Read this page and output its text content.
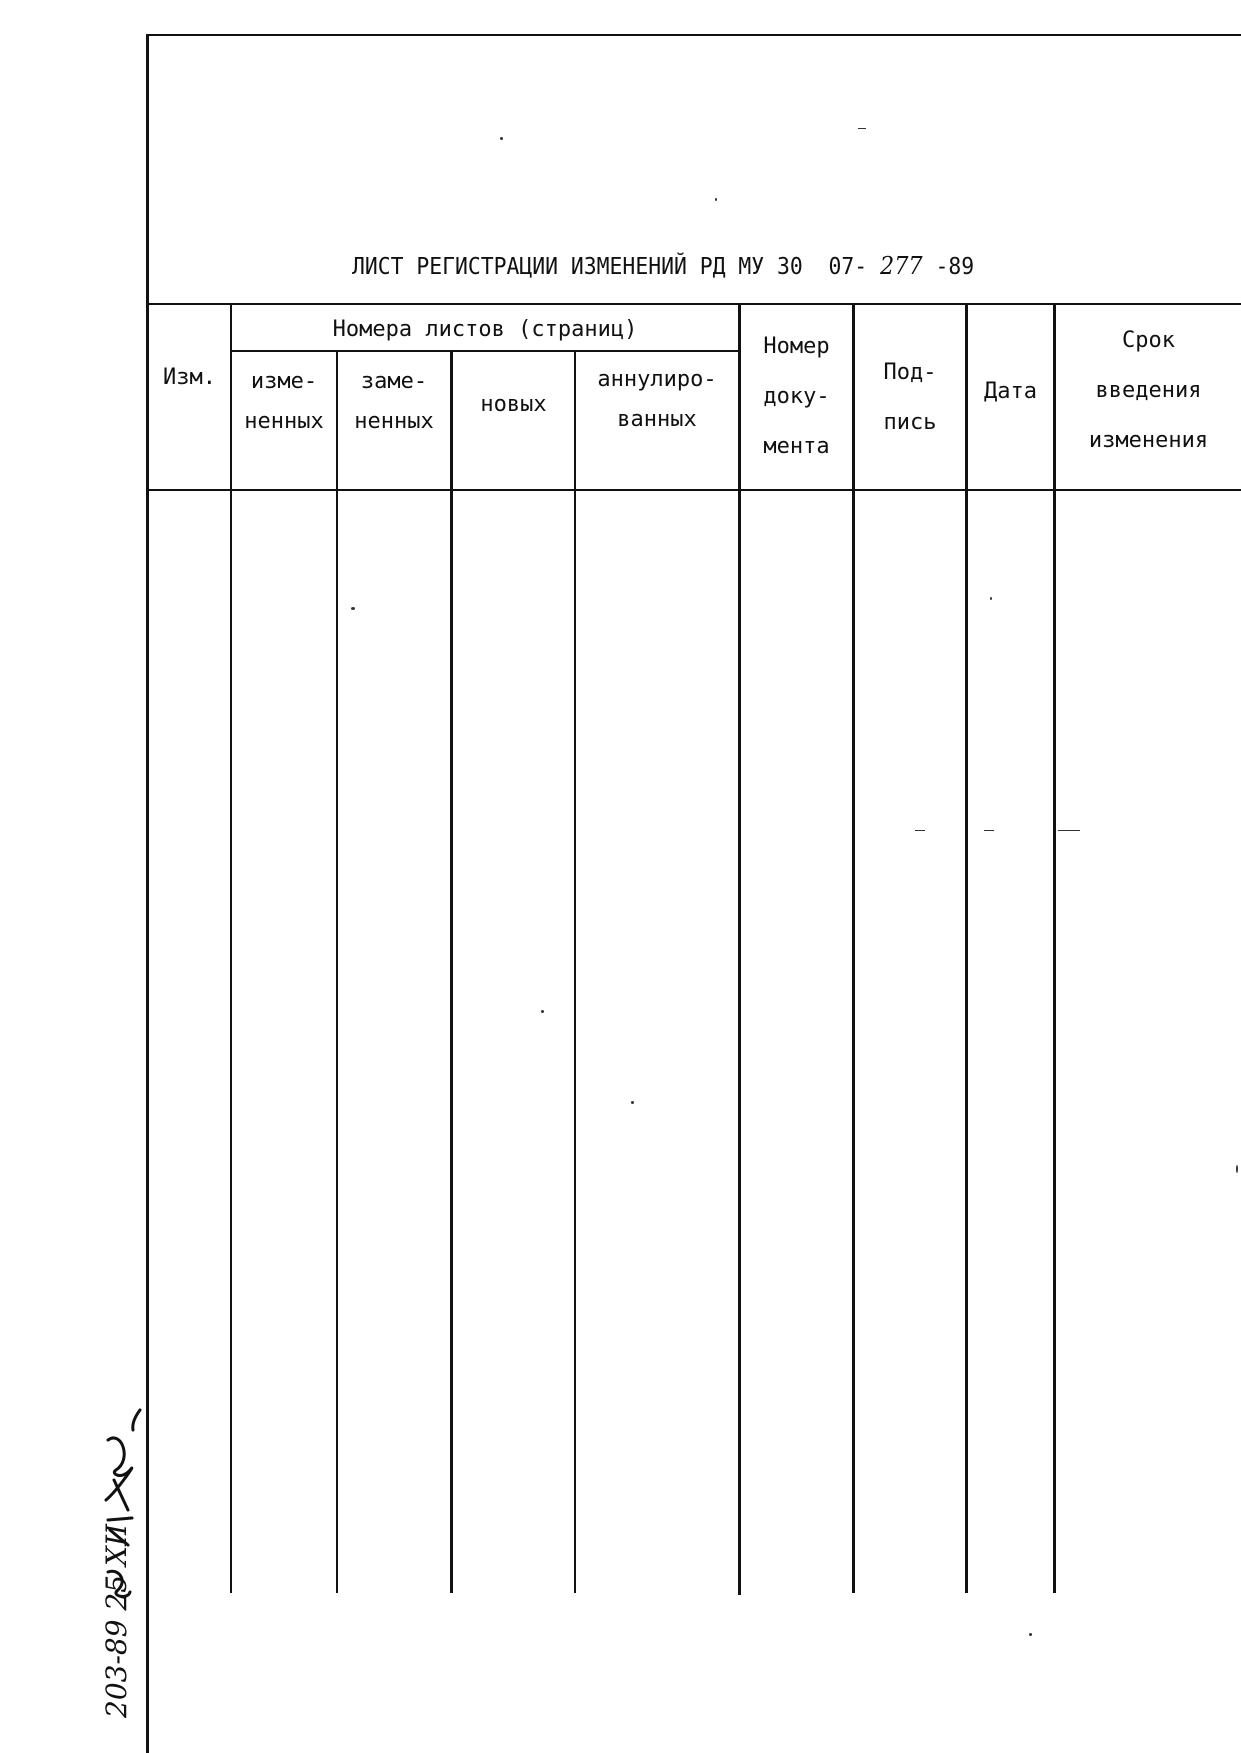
ЛИСТ РЕГИСТРАЦИИ ИЗМЕНЕНИЙ РД МУ 30 07- 277 -89
Изм.
Номера листов (страниц)
изме-
ненных
заме-
ненных
новых
аннулиро-
ванных
Номер
доку-
мента
Под-
пись
Дата
Срок
введения
изменения
203-89 25 XII
